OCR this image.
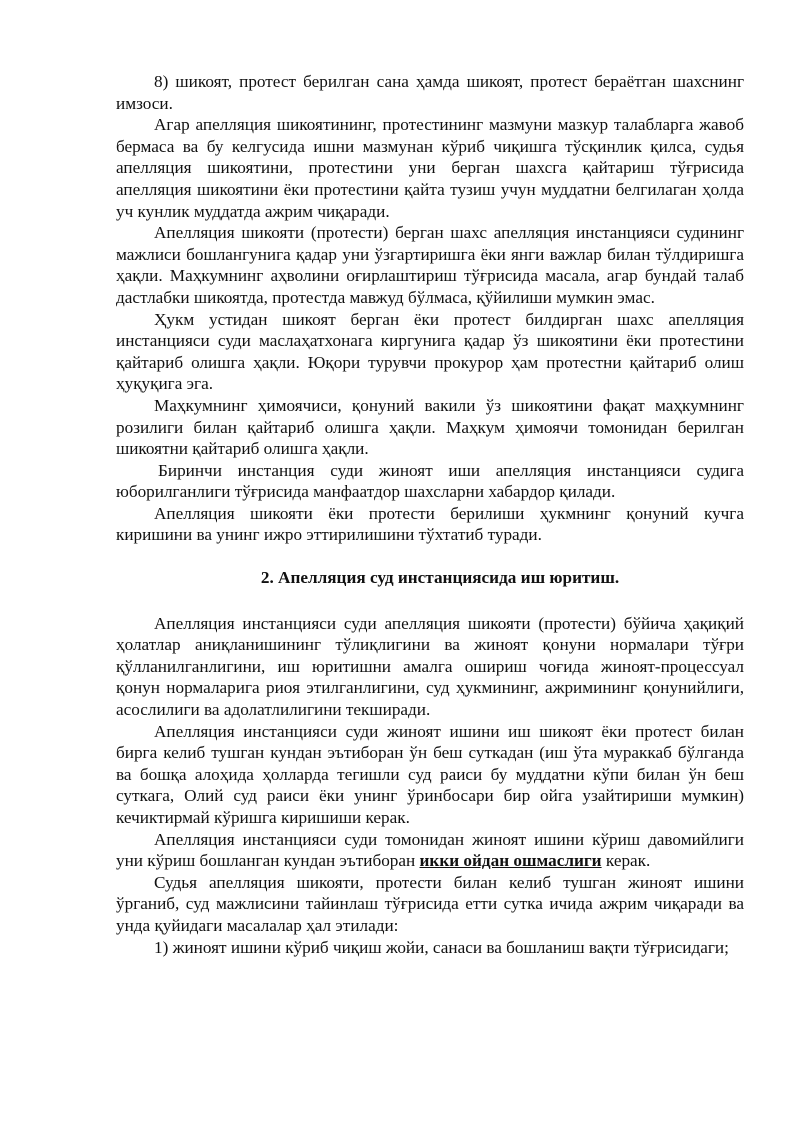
8) шикоят, протест берилган сана ҳамда шикоят, протест бераётган шахснинг имзоси.

Агар апелляция шикоятининг, протестининг мазмуни мазкур талабларга жавоб бермаса ва бу келгусида ишни мазмунан кўриб чиқишга тўсқинлик қилса, судья апелляция шикоятини, протестини уни берган шахсга қайтариш тўғрисида апелляция шикоятини ёки протестини қайта тузиш учун муддатни белгилаган ҳолда уч кунлик муддатда ажрим чиқаради.

Апелляция шикояти (протести) берган шахс апелляция инстанцияси судининг мажлиси бошлангунига қадар уни ўзгартиришга ёки янги важлар билан тўлдиришга ҳақли. Маҳкумнинг аҳволини оғирлаштириш тўғрисида масала, агар бундай талаб дастлабки шикоятда, протестда мавжуд бўлмаса, қўйилиши мумкин эмас.

Ҳукм устидан шикоят берган ёки протест билдирган шахс апелляция инстанцияси суди маслаҳатхонага киргунига қадар ўз шикоятини ёки протестини қайтариб олишга ҳақли. Юқори турувчи прокурор ҳам протестни қайтариб олиш ҳуқуқига эга.

Маҳкумнинг ҳимоячиси, қонуний вакили ўз шикоятини фақат маҳкумнинг розилиги билан қайтариб олишга ҳақли. Маҳкум ҳимоячи томонидан берилган шикоятни қайтариб олишга ҳақли.

Биринчи инстанция суди жиноят иши апелляция инстанцияси судига юборилганлиги тўғрисида манфаатдор шахсларни хабардор қилади.

Апелляция шикояти ёки протести берилиши ҳукмнинг қонуний кучга киришини ва унинг ижро эттирилишини тўхтатиб туради.

2. Апелляция суд инстанциясида иш юритиш.

Апелляция инстанцияси суди апелляция шикояти (протести) бўйича ҳақиқий ҳолатлар аниқланишининг тўлиқлигини ва жиноят қонуни нормалари тўғри қўлланилганлигини, иш юритишни амалга ошириш чоғида жиноят-процессуал қонун нормаларига риоя этилганлигини, суд ҳукмининг, ажримининг қонунийлиги, асослилиги ва адолатлилигини текширади.

Апелляция инстанцияси суди жиноят ишини иш шикоят ёки протест билан бирга келиб тушган кундан эътиборан ўн беш суткадан (иш ўта мураккаб бўлганда ва бошқа алоҳида ҳолларда тегишли суд раиси бу муддатни кўпи билан ўн беш суткага, Олий суд раиси ёки унинг ўринбосари бир ойга узайтириши мумкин) кечиктирмай кўришга киришиши керак.

Апелляция инстанцияси суди томонидан жиноят ишини кўриш давомийлиги уни кўриш бошланган кундан эътиборан икки ойдан ошмаслиги керак.

Судья апелляция шикояти, протести билан келиб тушган жиноят ишини ўрганиб, суд мажлисини тайинлаш тўғрисида етти сутка ичида ажрим чиқаради ва унда қуйидаги масалалар ҳал этилади:

1) жиноят ишини кўриб чиқиш жойи, санаси ва бошланиш вақти тўғрисидаги;
